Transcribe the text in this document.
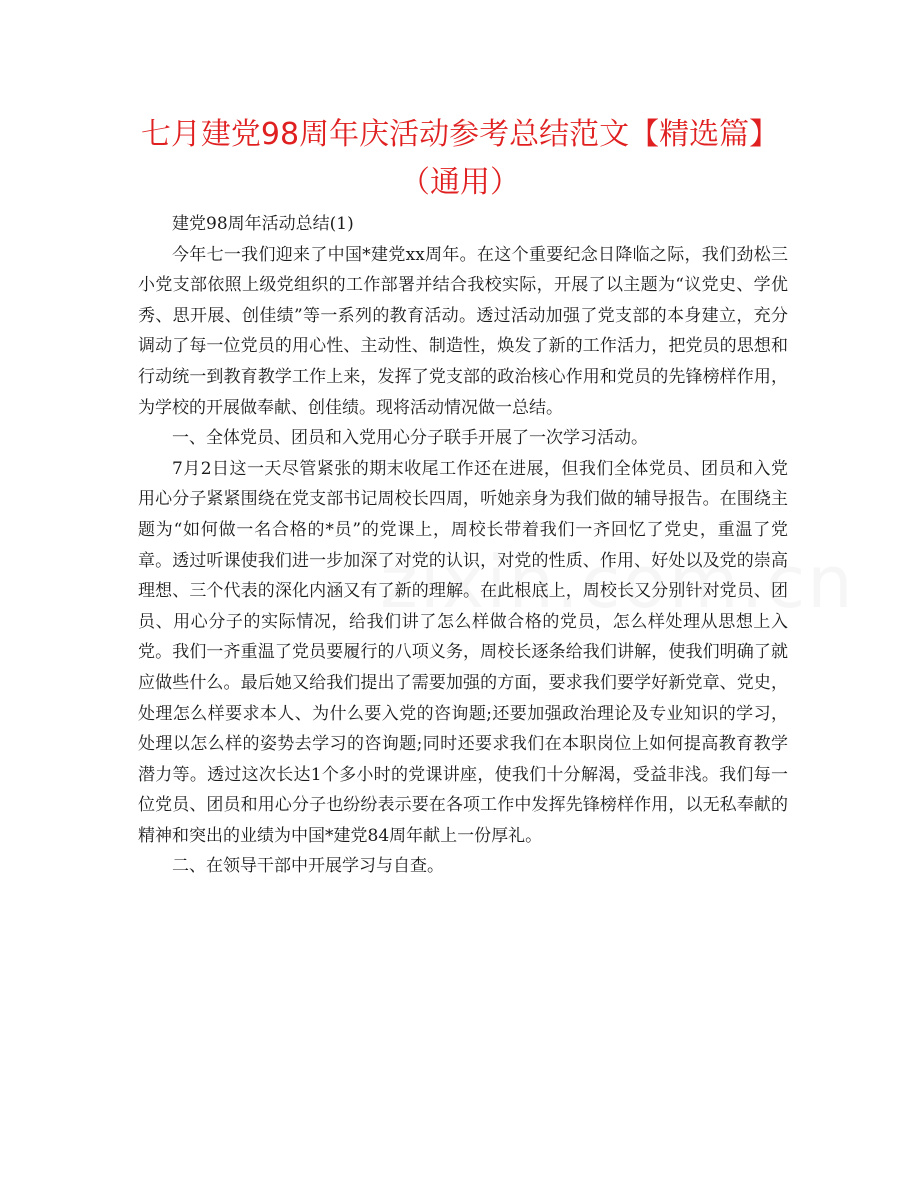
七月建党98周年庆活动参考总结范文【精选篇】
（通用）

建党98周年活动总结(1)

今年七一我们迎来了中国*建党xx周年。在这个重要纪念日降临之际，我们劲松三小党支部依照上级党组织的工作部署并结合我校实际，开展了以主题为“议党史、学优秀、思开展、创佳绩”等一系列的教育活动。透过活动加强了党支部的本身建立，充分调动了每一位党员的用心性、主动性、制造性，焕发了新的工作活力，把党员的思想和行动统一到教育教学工作上来，发挥了党支部的政治核心作用和党员的先锋榜样作用，为学校的开展做奉献、创佳绩。现将活动情况做一总结。

一、全体党员、团员和入党用心分子联手开展了一次学习活动。

7月2日这一天尽管紧张的期末收尾工作还在进展，但我们全体党员、团员和入党用心分子紧紧围绕在党支部书记周校长四周，听她亲身为我们做的辅导报告。在围绕主题为“如何做一名合格的*员”的党课上，周校长带着我们一齐回忆了党史，重温了党章。透过听课使我们进一步加深了对党的认识，对党的性质、作用、好处以及党的崇高理想、三个代表的深化内涵又有了新的理解。在此根底上，周校长又分别针对党员、团员、用心分子的实际情况，给我们讲了怎么样做合格的党员，怎么样处理从思想上入党。我们一齐重温了党员要履行的八项义务，周校长逐条给我们讲解，使我们明确了就应做些什么。最后她又给我们提出了需要加强的方面，要求我们要学好新党章、党史，处理怎么样要求本人、为什么要入党的咨询题;还要加强政治理论及专业知识的学习，处理以怎么样的姿势去学习的咨询题;同时还要求我们在本职岗位上如何提高教育教学潜力等。透过这次长达1个多小时的党课讲座，使我们十分解渴，受益非浅。我们每一位党员、团员和用心分子也纷纷表示要在各项工作中发挥先锋榜样作用，以无私奉献的精神和突出的业绩为中国*建党84周年献上一份厚礼。

二、在领导干部中开展学习与自查。
